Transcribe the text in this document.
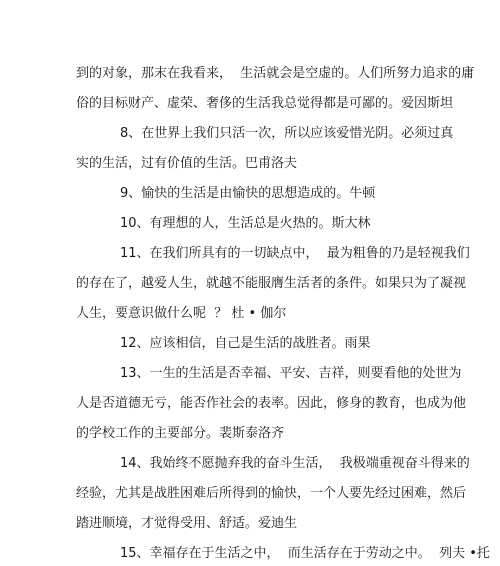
到的对象，那末在我看来，  生活就会是空虚的。人们所努力追求的庸
俗的目标财产、虚荣、奢侈的生活我总觉得都是可鄙的。爱因斯坦
8、在世界上我们只活一次，所以应该爱惜光阴。必须过真
实的生活，过有价值的生活。巴甫洛夫
9、愉快的生活是由愉快的思想造成的。牛顿
10、有理想的人，生活总是火热的。斯大林
11、在我们所具有的一切缺点中，  最为粗鲁的乃是轻视我们
的存在了，越爱人生，就越不能服膺生活者的条件。如果只为了凝视
人生，要意识做什么呢  ？ 杜 • 伽尔
12、应该相信，自己是生活的战胜者。雨果
13、一生的生活是否幸福、平安、吉祥，则要看他的处世为
人是否道德无亏，能否作社会的表率。因此，修身的教育，也成为他
的学校工作的主要部分。裴斯泰洛齐
14、我始终不愿抛弃我的奋斗生活，  我极端重视奋斗得来的
经验，尤其是战胜困难后所得到的愉快，一个人要先经过困难，然后
踏进顺境，才觉得受用、舒适。爱迪生
15、幸福存在于生活之中，  而生活存在于劳动之中。  列夫 •托
